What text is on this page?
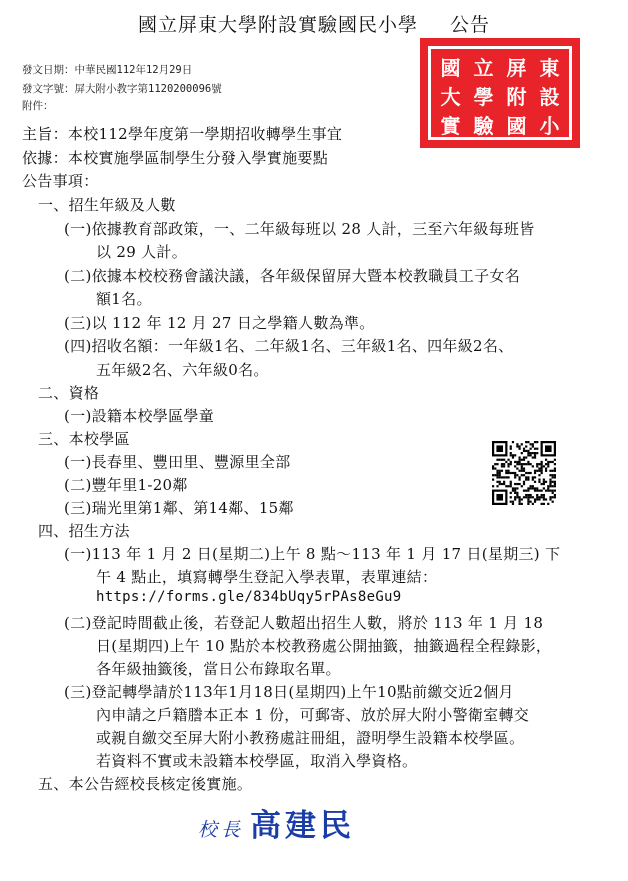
國立屏東大學附設實驗國民小學 公告
發文日期：中華民國112年12月29日
發文字號：屏大附小教字第1120200096號
附件：
國 立 屏 東
大 學 附 設
實 驗 國 小
主旨：本校112學年度第一學期招收轉學生事宜
依據：本校實施學區制學生分發入學實施要點
公告事項：
一、招生年級及人數
(一)依據教育部政策，一、二年級每班以 28 人計，三至六年級每班皆
以 29 人計。
(二)依據本校校務會議決議，各年級保留屏大暨本校教職員工子女名
額1名。
(三)以 112 年 12 月 27 日之學籍人數為準。
(四)招收名額：一年級1名、二年級1名、三年級1名、四年級2名、
五年級2名、六年級0名。
二、資格
(一)設籍本校學區學童
三、本校學區
(一)長春里、豐田里、豐源里全部
(二)豐年里1-20鄰
(三)瑞光里第1鄰、第14鄰、15鄰
四、招生方法
(一)113 年 1 月 2 日(星期二)上午 8 點～113 年 1 月 17 日(星期三) 下
午 4 點止，填寫轉學生登記入學表單，表單連結：
https://forms.gle/834bUqy5rPAs8eGu9
(二)登記時間截止後，若登記人數超出招生人數，將於 113 年 1 月 18
日(星期四)上午 10 點於本校教務處公開抽籤，抽籤過程全程錄影，
各年級抽籤後，當日公布錄取名單。
(三)登記轉學請於113年1月18日(星期四)上午10點前繳交近2個月
內申請之戶籍謄本正本 1 份，可郵寄、放於屏大附小警衛室轉交
或親自繳交至屏大附小教務處註冊組，證明學生設籍本校學區。
若資料不實或未設籍本校學區，取消入學資格。
五、本公告經校長核定後實施。
校長 高建民
